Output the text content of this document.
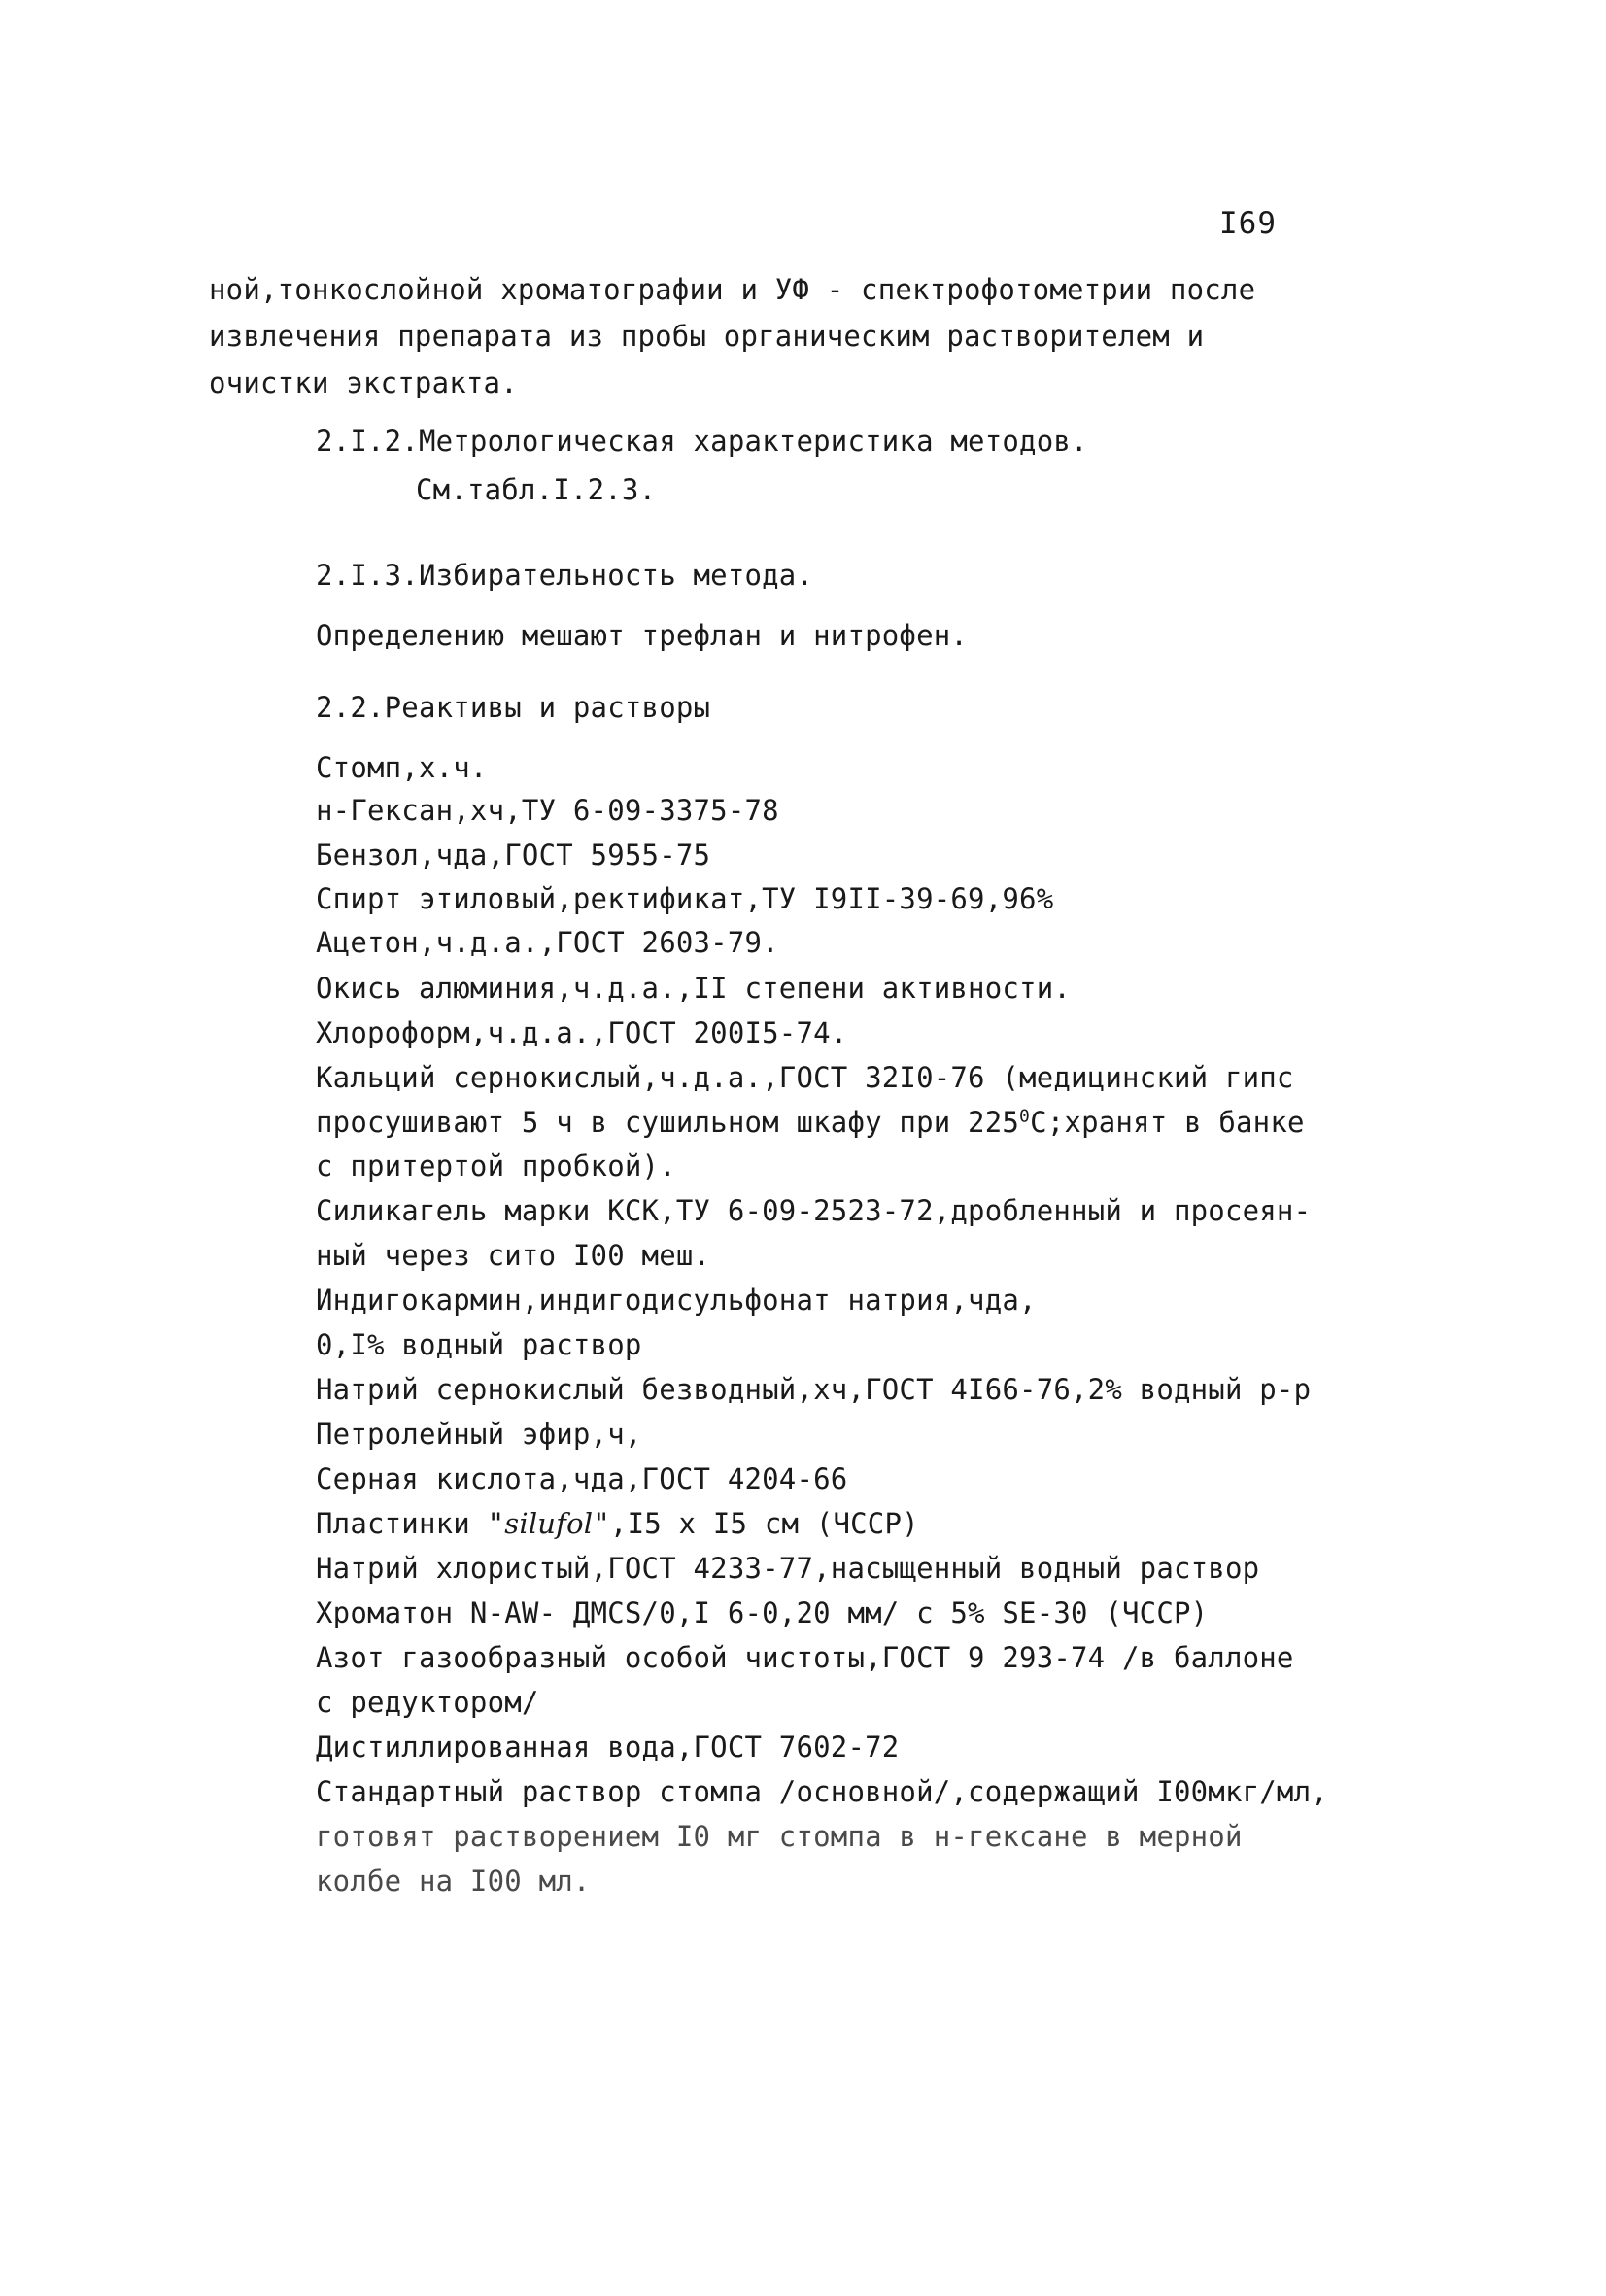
I69
ной,тонкослойной хроматографии и УФ - спектрофотометрии после
извлечения препарата из пробы органическим растворителем и
очистки экстракта.
2.I.2.Метрологическая характеристика методов.
См.табл.I.2.3.
2.I.3.Избирательность метода.
Определению мешают трефлан и нитрофен.
2.2.Реактивы и растворы
Стомп,х.ч.
н-Гексан,хч,ТУ 6-09-3375-78
Бензол,чда,ГОСТ 5955-75
Спирт этиловый,ректификат,ТУ I9II-39-69,96%
Ацетон,ч.д.а.,ГОСТ 2603-79.
Окись алюминия,ч.д.а.,II степени активности.
Хлороформ,ч.д.а.,ГОСТ 200I5-74.
Кальций сернокислый,ч.д.а.,ГОСТ 32I0-76 (медицинский гипс
просушивают 5 ч в сушильном шкафу при $225^0С;хранят$ в банке
с притертой пробкой).
Силикагель марки КСК,ТУ 6-09-2523-72,дробленный и просеян-
ный через сито I00 меш.
Индигокармин,индигодисульфонат натрия,чда,
0,I% водный раствор
Натрий сернокислый безводный,хч,ГОСТ 4I66-76,2% водный р-р
Петролейный эфир,ч,
Серная кислота,чда,ГОСТ 4204-66
Пластинки "silufol",I5 x I5 см (ЧССР)
Натрий хлористый,ГОСТ 4233-77,насыщенный водный раствор
Хроматон N-AW- ДМСS/0,I 6-0,20 мм/ с 5% SE-30 (ЧССР)
Азот газообразный особой чистоты,ГОСТ 9 293-74 /в баллоне
с редуктором/
Дистиллированная вода,ГОСТ 7602-72
Стандартный раствор стомпа /основной/,содержащий I00мкг/мл,
готовят растворением I0 мг стомпа в н-гексане в мерной
колбе на I00 мл.
